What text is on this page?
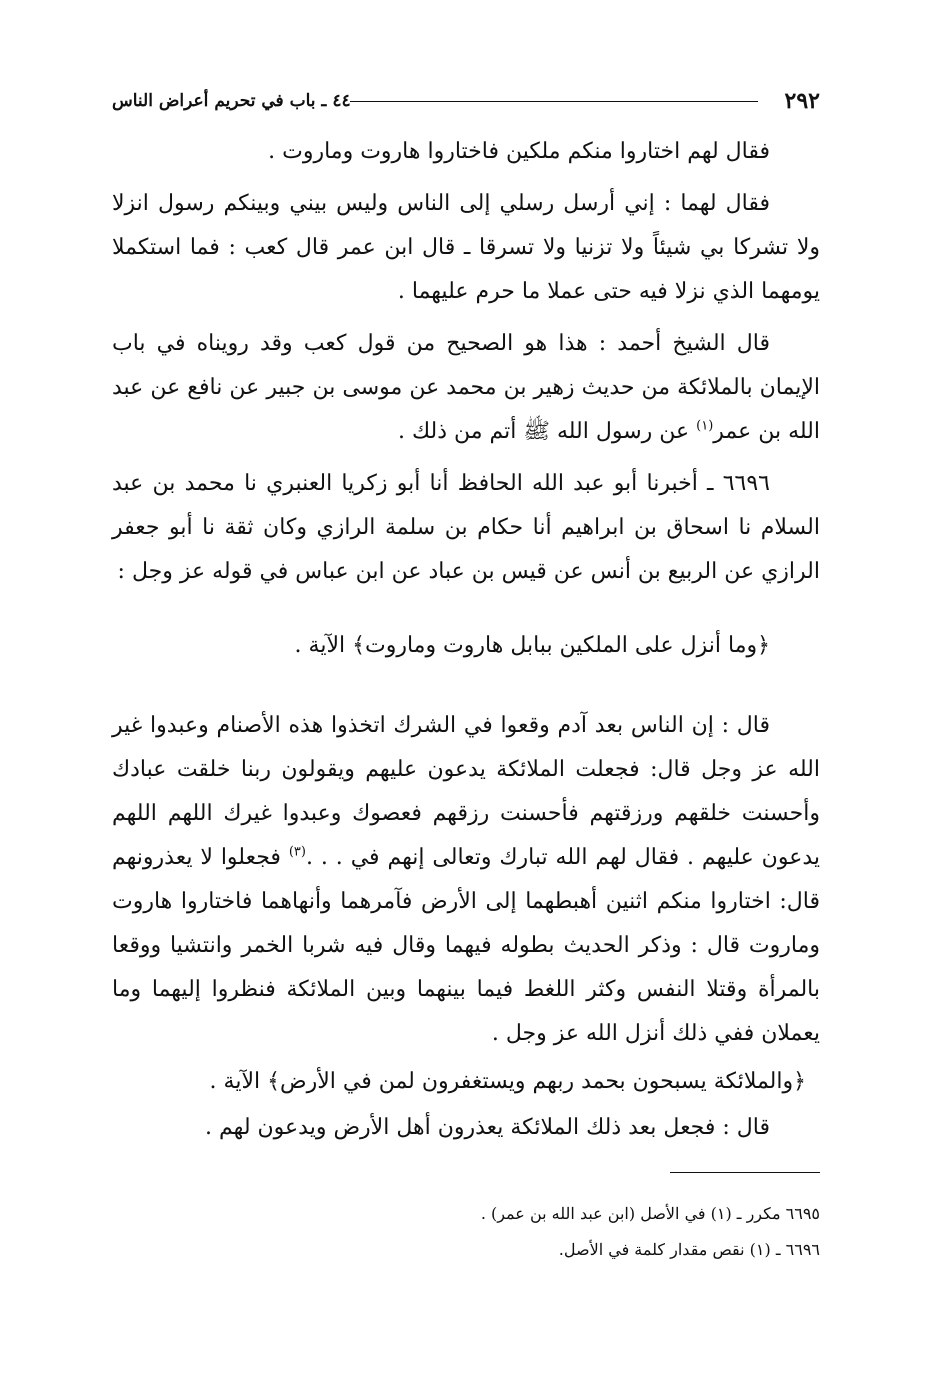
٢٩٢
٤٤ ـ باب في تحريم أعراض الناس

فقال لهم اختاروا منكم ملكين فاختاروا هاروت وماروت .

فقال لهما : إني أرسل رسلي إلى الناس وليس بيني وبينكم رسول انزلا ولا تشركا بي شيئاً ولا تزنيا ولا تسرقا ـ قال ابن عمر قال كعب : فما استكملا يومهما الذي نزلا فيه حتى عملا ما حرم عليهما .

قال الشيخ أحمد : هذا هو الصحيح من قول كعب وقد رويناه في باب الإيمان بالملائكة من حديث زهير بن محمد عن موسى بن جبير عن نافع عن عبد الله بن عمر$^{(١)}$ عن رسول الله ﷺ أتم من ذلك .

٦٦٩٦ ـ أخبرنا أبو عبد الله الحافظ أنا أبو زكريا العنبري نا محمد بن عبد السلام نا اسحاق بن ابراهيم أنا حكام بن سلمة الرازي وكان ثقة نا أبو جعفر الرازي عن الربيع بن أنس عن قيس بن عباد عن ابن عباس في قوله عز وجل :

﴿وما أنزل على الملكين ببابل هاروت وماروت﴾ الآية .

قال : إن الناس بعد آدم وقعوا في الشرك اتخذوا هذه الأصنام وعبدوا غير الله عز وجل قال: فجعلت الملائكة يدعون عليهم ويقولون ربنا خلقت عبادك وأحسنت خلقهم ورزقتهم فأحسنت رزقهم فعصوك وعبدوا غيرك اللهم اللهم يدعون عليهم . فقال لهم الله تبارك وتعالى إنهم في . . .$^{(٣)}$ فجعلوا لا يعذرونهم قال: اختاروا منكم اثنين أهبطهما إلى الأرض فآمرهما وأنهاهما فاختاروا هاروت وماروت قال : وذكر الحديث بطوله فيهما وقال فيه شربا الخمر وانتشيا ووقعا بالمرأة وقتلا النفس وكثر اللغط فيما بينهما وبين الملائكة فنظروا إليهما وما يعملان ففي ذلك أنزل الله عز وجل .

﴿والملائكة يسبحون بحمد ربهم ويستغفرون لمن في الأرض﴾ الآية .

قال : فجعل بعد ذلك الملائكة يعذرون أهل الأرض ويدعون لهم .

٦٦٩٥ مكرر ـ (١) في الأصل (ابن عبد الله بن عمر) .

٦٦٩٦ ـ (١) نقص مقدار كلمة في الأصل.
